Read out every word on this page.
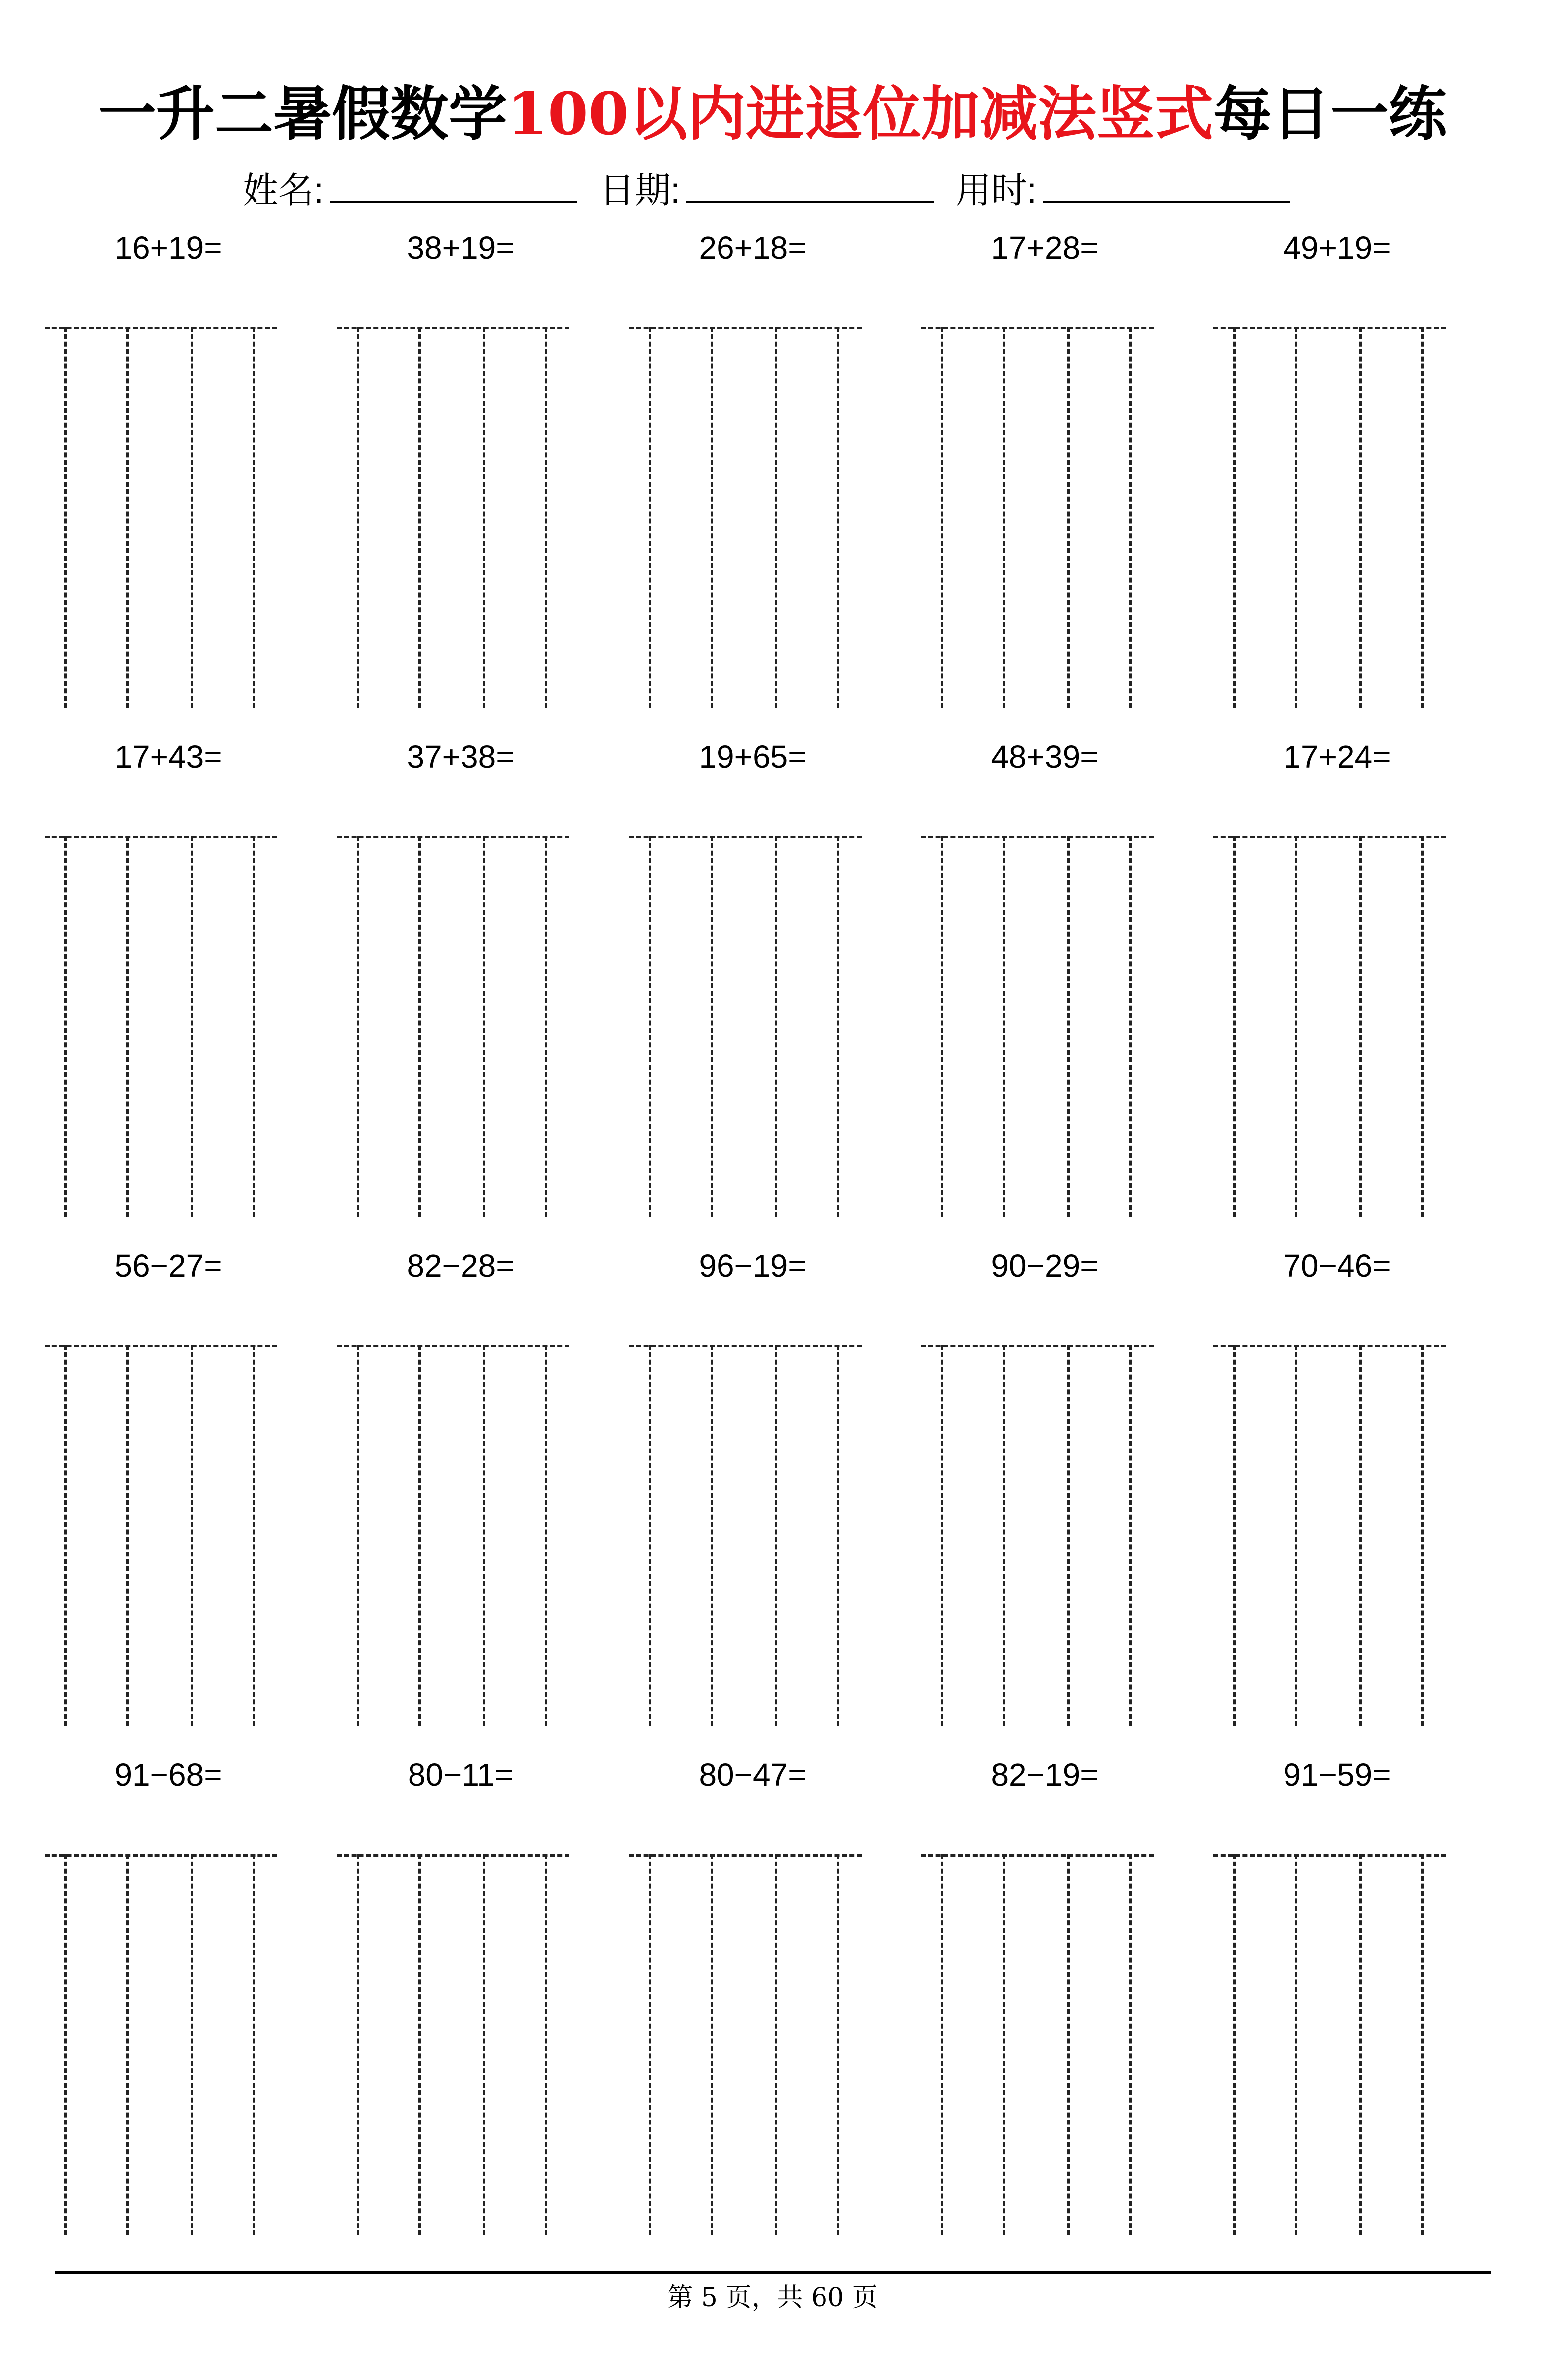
一升二暑假数学100以内进退位加减法竖式每日一练
姓名:	日期:	用时:
16+19=	38+19=	26+18=	17+28=	49+19=
17+43=	37+38=	19+65=	48+39=	17+24=
56−27=	82−28=	96−19=	90−29=	70−46=
91−68=	80−11=	80−47=	82−19=	91−59=
第 5 页，共 60 页
